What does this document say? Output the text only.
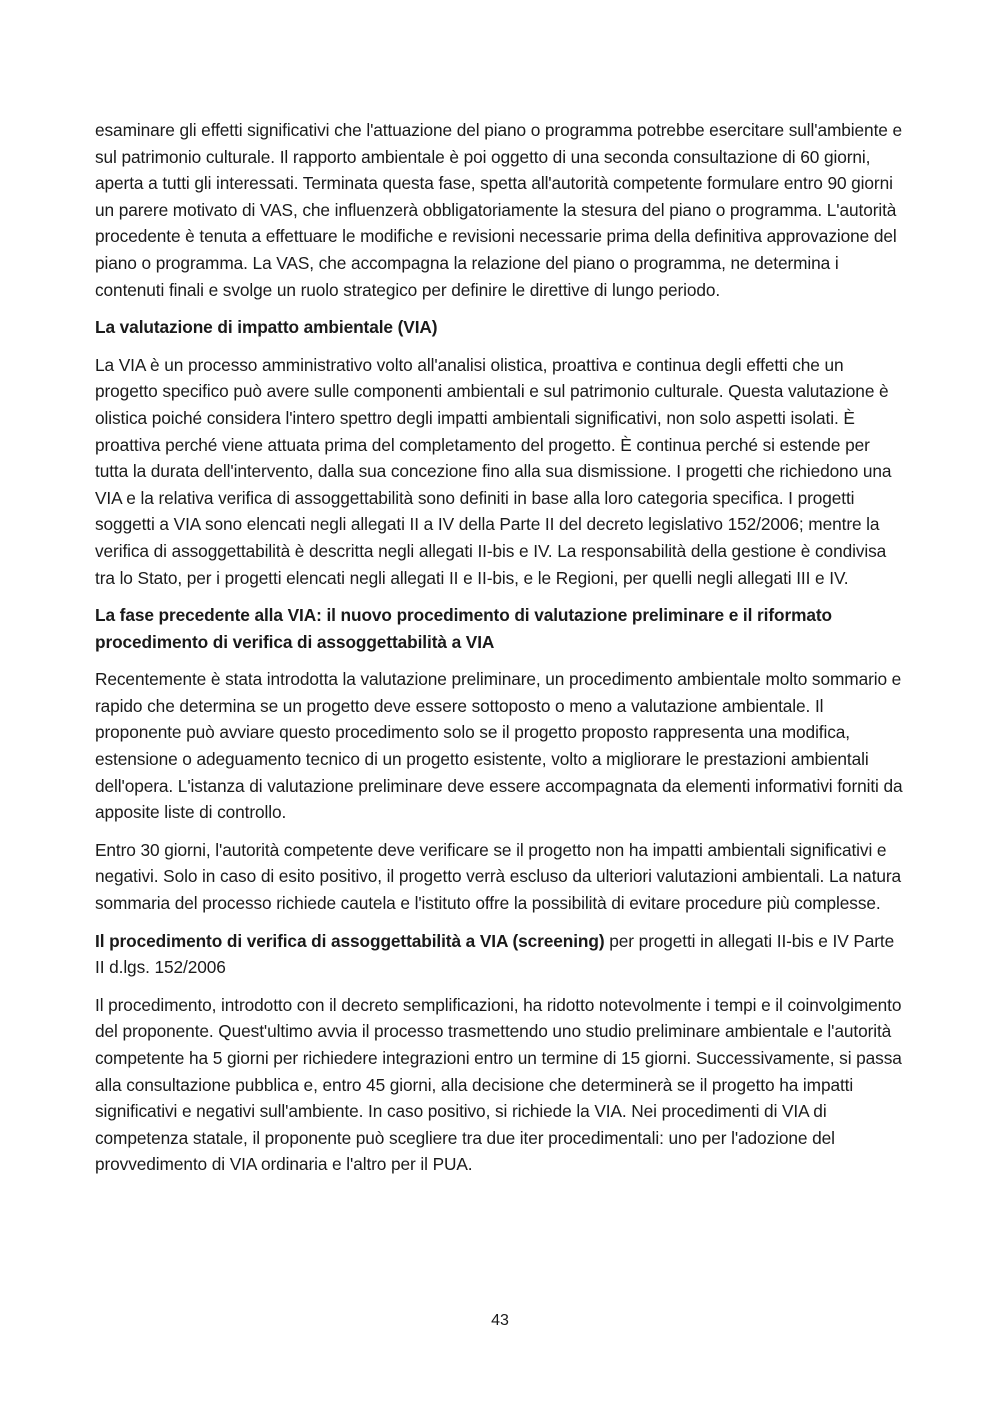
esaminare gli effetti significativi che l'attuazione del piano o programma potrebbe esercitare sull'ambiente e sul patrimonio culturale. Il rapporto ambientale è poi oggetto di una seconda consultazione di 60 giorni, aperta a tutti gli interessati. Terminata questa fase, spetta all'autorità competente formulare entro 90 giorni un parere motivato di VAS, che influenzerà obbligatoriamente la stesura del piano o programma. L'autorità procedente è tenuta a effettuare le modifiche e revisioni necessarie prima della definitiva approvazione del piano o programma. La VAS, che accompagna la relazione del piano o programma, ne determina i contenuti finali e svolge un ruolo strategico per definire le direttive di lungo periodo.

La valutazione di impatto ambientale (VIA)

La VIA è un processo amministrativo volto all'analisi olistica, proattiva e continua degli effetti che un progetto specifico può avere sulle componenti ambientali e sul patrimonio culturale. Questa valutazione è olistica poiché considera l'intero spettro degli impatti ambientali significativi, non solo aspetti isolati. È proattiva perché viene attuata prima del completamento del progetto. È continua perché si estende per tutta la durata dell'intervento, dalla sua concezione fino alla sua dismissione. I progetti che richiedono una VIA e la relativa verifica di assoggettabilità sono definiti in base alla loro categoria specifica. I progetti soggetti a VIA sono elencati negli allegati II a IV della Parte II del decreto legislativo 152/2006; mentre la verifica di assoggettabilità è descritta negli allegati II-bis e IV. La responsabilità della gestione è condivisa tra lo Stato, per i progetti elencati negli allegati II e II-bis, e le Regioni, per quelli negli allegati III e IV.

La fase precedente alla VIA: il nuovo procedimento di valutazione preliminare e il riformato procedimento di verifica di assoggettabilità a VIA

Recentemente è stata introdotta la valutazione preliminare, un procedimento ambientale molto sommario e rapido che determina se un progetto deve essere sottoposto o meno a valutazione ambientale. Il proponente può avviare questo procedimento solo se il progetto proposto rappresenta una modifica, estensione o adeguamento tecnico di un progetto esistente, volto a migliorare le prestazioni ambientali dell'opera. L'istanza di valutazione preliminare deve essere accompagnata da elementi informativi forniti da apposite liste di controllo.

Entro 30 giorni, l'autorità competente deve verificare se il progetto non ha impatti ambientali significativi e negativi. Solo in caso di esito positivo, il progetto verrà escluso da ulteriori valutazioni ambientali. La natura sommaria del processo richiede cautela e l'istituto offre la possibilità di evitare procedure più complesse.

Il procedimento di verifica di assoggettabilità a VIA (screening) per progetti in allegati II-bis e IV Parte II d.lgs. 152/2006

Il procedimento, introdotto con il decreto semplificazioni, ha ridotto notevolmente i tempi e il coinvolgimento del proponente. Quest'ultimo avvia il processo trasmettendo uno studio preliminare ambientale e l'autorità competente ha 5 giorni per richiedere integrazioni entro un termine di 15 giorni. Successivamente, si passa alla consultazione pubblica e, entro 45 giorni, alla decisione che determinerà se il progetto ha impatti significativi e negativi sull'ambiente. In caso positivo, si richiede la VIA. Nei procedimenti di VIA di competenza statale, il proponente può scegliere tra due iter procedimentali: uno per l'adozione del provvedimento di VIA ordinaria e l'altro per il PUA.

43
